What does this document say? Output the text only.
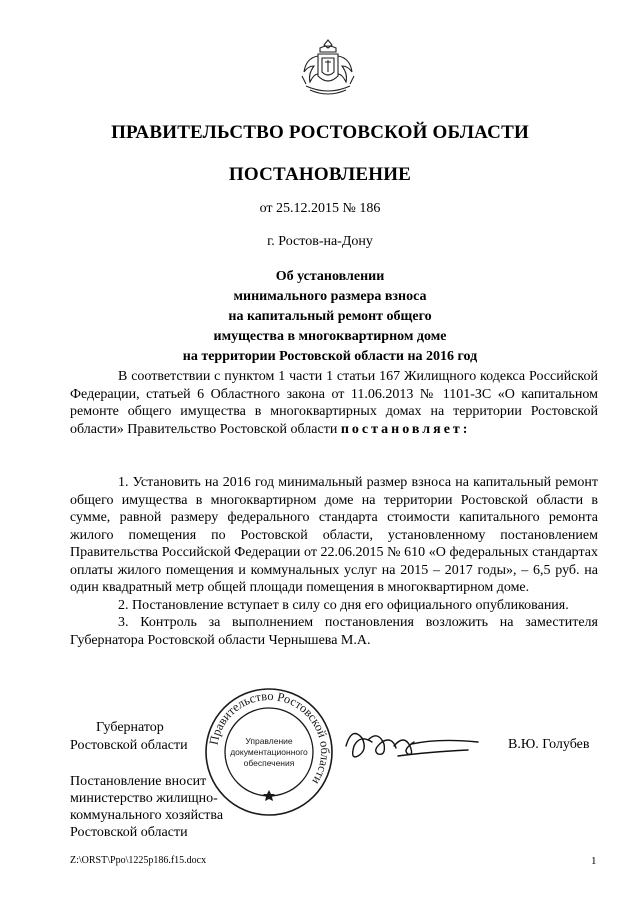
ПРАВИТЕЛЬСТВО РОСТОВСКОЙ ОБЛАСТИ
ПОСТАНОВЛЕНИЕ
от 25.12.2015 № 186
г. Ростов-на-Дону
Об установлении
минимального размера взноса
на капитальный ремонт общего
имущества в многоквартирном доме
на территории Ростовской области на 2016 год
В соответствии с пунктом 1 части 1 статьи 167 Жилищного кодекса Российской Федерации, статьей 6 Областного закона от 11.06.2013 № 1101-ЗС «О капитальном ремонте общего имущества в многоквартирных домах на территории Ростовской области» Правительство Ростовской области постановляет:

1. Установить на 2016 год минимальный размер взноса на капитальный ремонт общего имущества в многоквартирном доме на территории Ростовской области в сумме, равной размеру федерального стандарта стоимости капитального ремонта жилого помещения по Ростовской области, установленному постановлением Правительства Российской Федерации от 22.06.2015 № 610 «О федеральных стандартах оплаты жилого помещения и коммунальных услуг на 2015 – 2017 годы», – 6,5 руб. на один квадратный метр общей площади помещения в многоквартирном доме.

2. Постановление вступает в силу со дня его официального опубликования.

3. Контроль за выполнением постановления возложить на заместителя Губернатора Ростовской области Чернышева М.А.

Губернатор
Ростовской области	Правительство Ростовской области
Управление
документационного
обеспечения
В.Ю. Голубев
Постановление вносит
министерство жилищно-
коммунального хозяйства
Ростовской области
Z:\ORST\Ppo\1225p186.f15.docx	1
